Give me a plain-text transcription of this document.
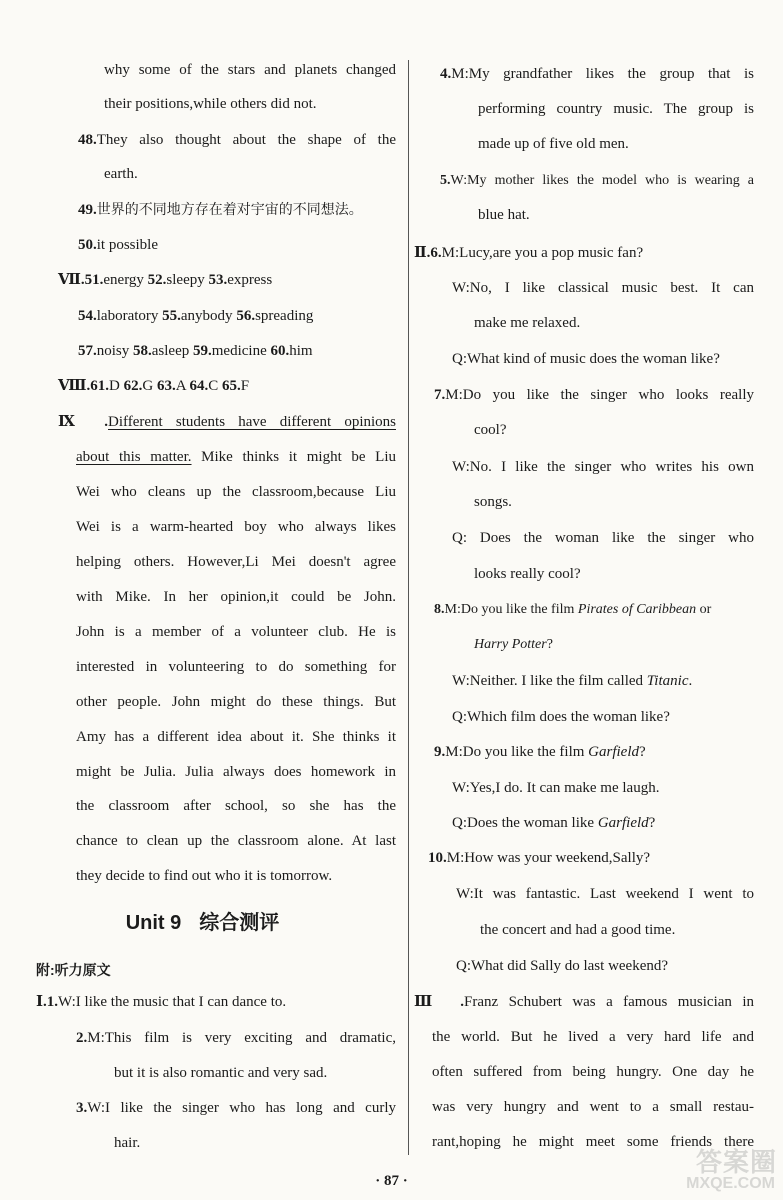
why some of the stars and planets changed
their positions,while others did not.
48.They also thought about the shape of the
earth.
49.世界的不同地方存在着对宇宙的不同想法。
50.it possible
Ⅶ.51.energy 52.sleepy 53.express
54.laboratory 55.anybody 56.spreading
57.noisy 58.asleep 59.medicine 60.him
Ⅷ.61.D 62.G 63.A 64.C 65.F
Ⅸ.Different students have different opinions
about this matter. Mike thinks it might be Liu
Wei who cleans up the classroom,because Liu
Wei is a warm-hearted boy who always likes
helping others. However,Li Mei doesn't agree
with Mike. In her opinion,it could be John.
John is a member of a volunteer club. He is
interested in volunteering to do something for
other people. John might do these things. But
Amy has a different idea about it. She thinks it
might be Julia. Julia always does homework in
the classroom after school, so she has the
chance to clean up the classroom alone. At last
they decide to find out who it is tomorrow.
Ⅰ.1.W:I like the music that I can dance to.
2.M:This film is very exciting and dramatic,
but it is also romantic and very sad.
3.W:I like the singer who has long and curly
hair.
4.M:My grandfather likes the group that is
performing country music. The group is
made up of five old men.
5.W:My mother likes the model who is wearing a
blue hat.
Ⅱ.6.M:Lucy,are you a pop music fan?
W:No, I like classical music best. It can
make me relaxed.
Q:What kind of music does the woman like?
7.M:Do you like the singer who looks really
cool?
W:No. I like the singer who writes his own
songs.
Q: Does the woman like the singer who
looks really cool?
8.M:Do you like the film Pirates of Caribbean or
Harry Potter?
W:Neither. I like the film called Titanic.
Q:Which film does the woman like?
9.M:Do you like the film Garfield?
W:Yes,I do. It can make me laugh.
Q:Does the woman like Garfield?
10.M:How was your weekend,Sally?
W:It was fantastic. Last weekend I went to
the concert and had a good time.
Q:What did Sally do last weekend?
Ⅲ.Franz Schubert was a famous musician in
the world. But he lived a very hard life and
often suffered from being hungry. One day he
was very hungry and went to a small restau-
rant,hoping he might meet some friends there
Unit 9 综合测评
附:听力原文
· 87 ·
答案圈
MXQE.COM
